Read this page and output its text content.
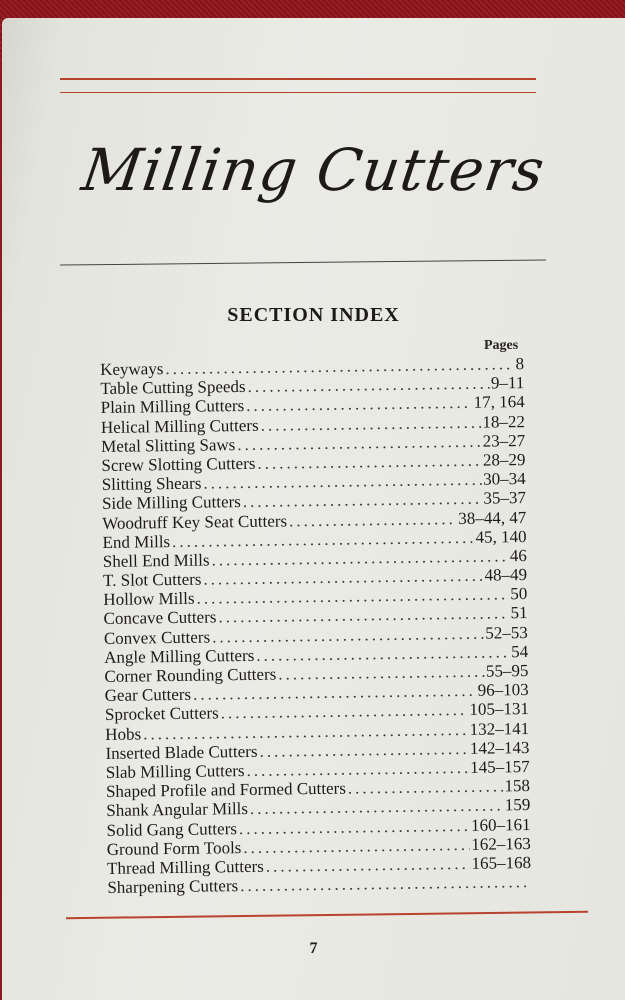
Milling Cutters
SECTION INDEX
Pages
Keyways .....	8
Table Cutting Speeds .....	9–11
Plain Milling Cutters .....	17, 164
Helical Milling Cutters .....	18–22
Metal Slitting Saws .....	23–27
Screw Slotting Cutters .....	28–29
Slitting Shears .....	30–34
Side Milling Cutters .....	35–37
Woodruff Key Seat Cutters .....	38–44, 47
End Mills .....	45, 140
Shell End Mills .....	46
T. Slot Cutters .....	48–49
Hollow Mills .....	50
Concave Cutters .....	51
Convex Cutters .....	52–53
Angle Milling Cutters .....	54
Corner Rounding Cutters .....	55–95
Gear Cutters .....	96–103
Sprocket Cutters .....	105–131
Hobs .....	132–141
Inserted Blade Cutters .....	142–143
Slab Milling Cutters .....	145–157
Shaped Profile and Formed Cutters .....	158
Shank Angular Mills .....	159
Solid Gang Cutters .....	160–161
Ground Form Tools .....	162–163
Thread Milling Cutters .....	165–168
Sharpening Cutters
.....
7
